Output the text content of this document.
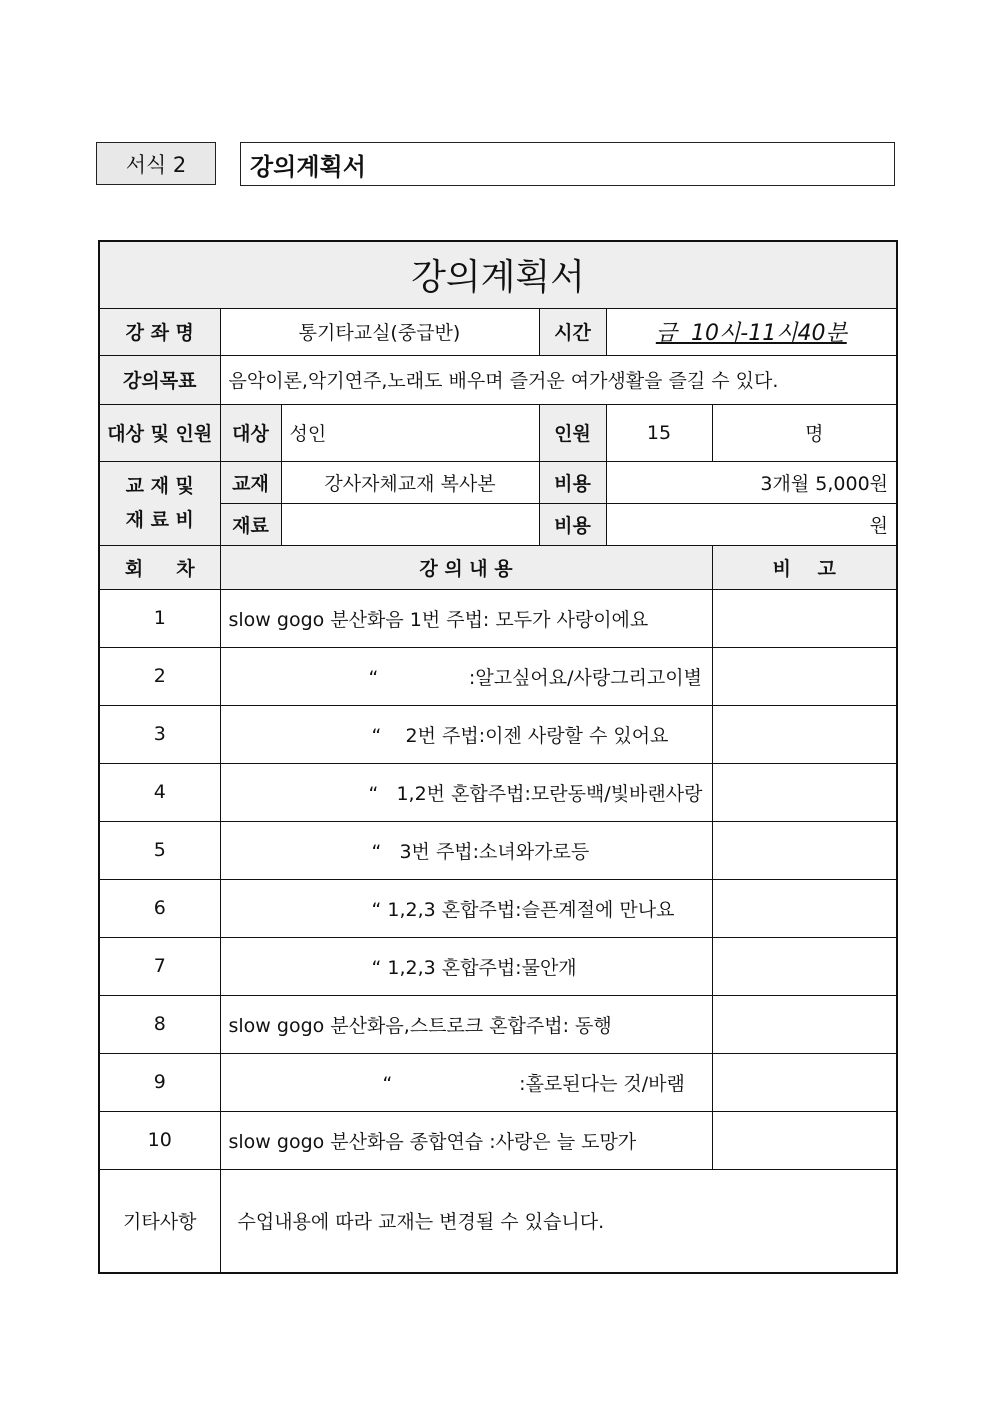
서식 2	강의계획서
강의계획서					
강 좌 명	통기타교실(중급반)		시간	금  10시-11시40분	
강의목표	음악이론,악기연주,노래도 배우며 즐거운 여가생활을 즐길 수 있다.				
대상 및 인원	대상	성인	인원	15	명

교 재 및
재 료 비	교재	강사자체교재 복사본	비용	3개월 5,000원	
	재료		비용	원	
회     차	강 의 내 용				비    고
1	slow gogo 분산화음 1번 주법: 모두가 사랑이에요				
2	“               :알고싶어요/사랑그리고이별				
3	“    2번 주법:이젠 사랑할 수 있어요				
4	“   1,2번 혼합주법:모란동백/빛바랜사랑				
5	“   3번 주법:소녀와가로등				
6	“ 1,2,3 혼합주법:슬픈계절에 만나요				
7	“ 1,2,3 혼합주법:물안개				
8	slow gogo 분산화음,스트로크 혼합주법: 동행				
9	“                     :홀로된다는 것/바램				
10	slow gogo 분산화음 종합연습 :사랑은 늘 도망가				
기타사항	수업내용에 따라 교재는 변경될 수 있습니다.				
